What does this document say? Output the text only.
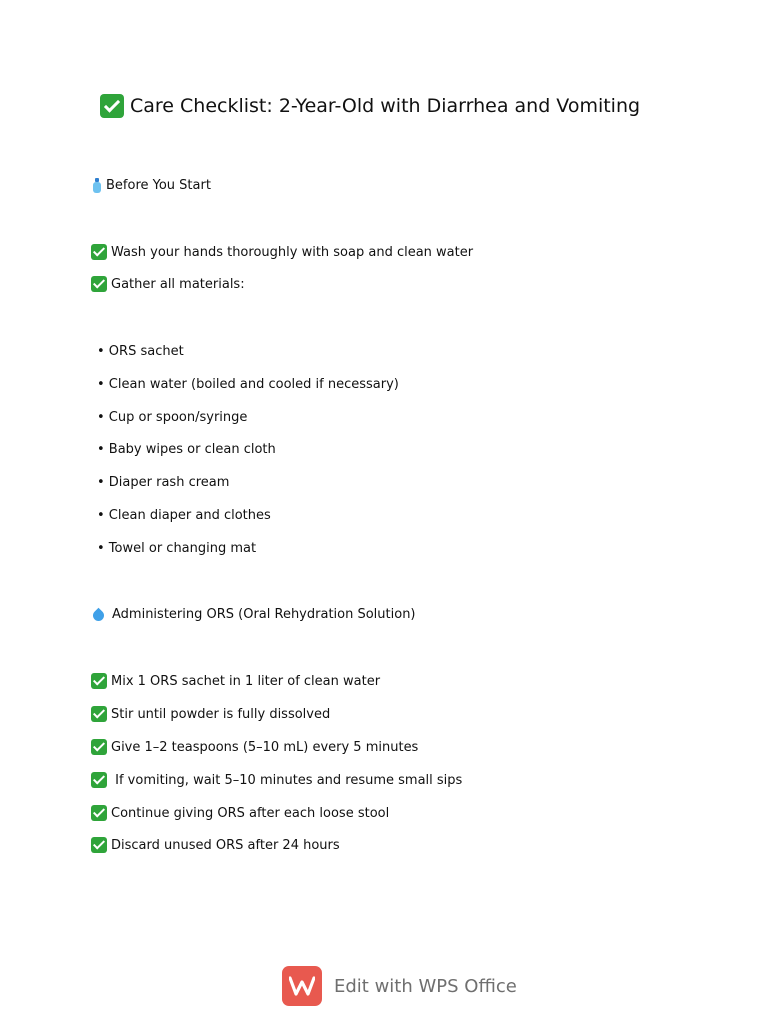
Care Checklist: 2-Year-Old with Diarrhea and Vomiting
Before You Start
Wash your hands thoroughly with soap and clean water
Gather all materials:
• ORS sachet
• Clean water (boiled and cooled if necessary)
• Cup or spoon/syringe
• Baby wipes or clean cloth
• Diaper rash cream
• Clean diaper and clothes
• Towel or changing mat
Administering ORS (Oral Rehydration Solution)
Mix 1 ORS sachet in 1 liter of clean water
Stir until powder is fully dissolved
Give 1–2 teaspoons (5–10 mL) every 5 minutes
If vomiting, wait 5–10 minutes and resume small sips
Continue giving ORS after each loose stool
Discard unused ORS after 24 hours
Edit with WPS Office
